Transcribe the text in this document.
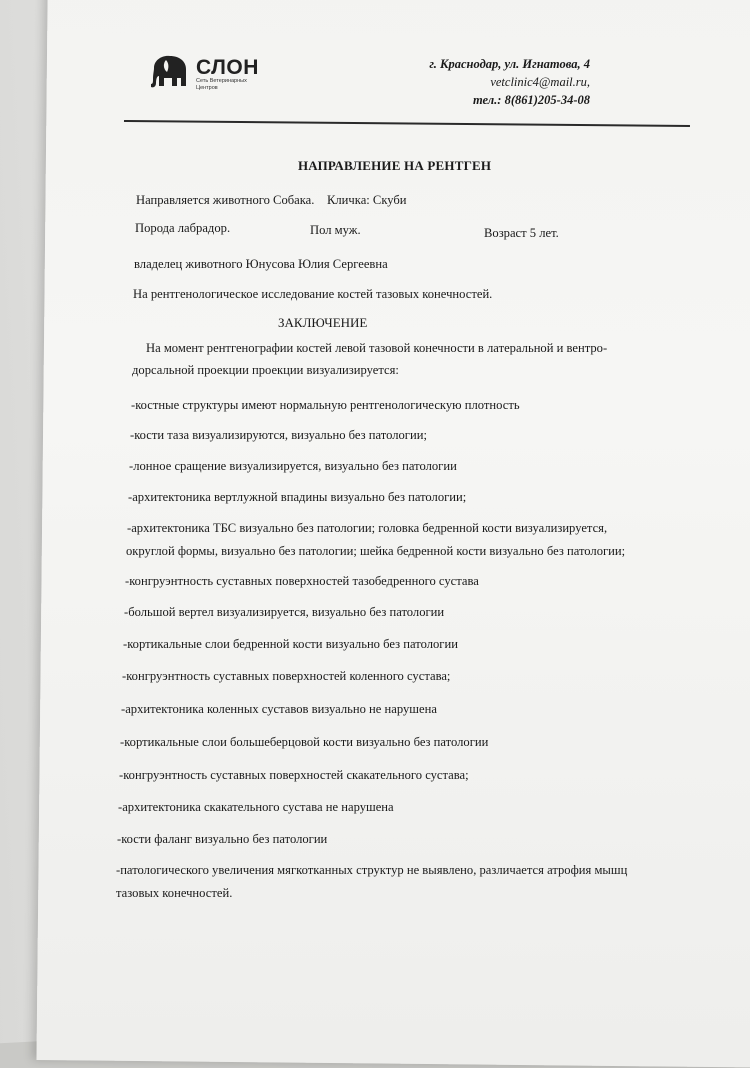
СЛОН
Сеть Ветеринарных Центров
г. Краснодар, ул. Игнатова, 4
vetclinic4@mail.ru,
тел.: 8(861)205-34-08
НАПРАВЛЕНИЕ НА РЕНТГЕН
Направляется животного Собака.    Кличка: Скуби
Порода лабрадор.	Пол муж.	Возраст 5 лет.
владелец животного Юнусова Юлия Сергеевна
На рентгенологическое исследование костей тазовых конечностей.
ЗАКЛЮЧЕНИЕ
На момент рентгенографии костей левой тазовой конечности в латеральной и вентро-
дорсальной проекции проекции визуализируется:
-костные структуры имеют нормальную рентгенологическую плотность
-кости таза визуализируются, визуально без патологии;
-лонное сращение визуализируется, визуально без патологии
-архитектоника вертлужной впадины визуально без патологии;
-архитектоника ТБС визуально без патологии; головка бедренной кости визуализируется,
округлой формы, визуально без патологии; шейка бедренной кости визуально без патологии;
-конгруэнтность суставных поверхностей тазобедренного сустава
-большой вертел визуализируется, визуально без патологии
-кортикальные слои бедренной кости визуально без патологии
-конгруэнтность суставных поверхностей коленного сустава;
-архитектоника коленных суставов визуально не нарушена
-кортикальные слои большеберцовой кости визуально без патологии
-конгруэнтность суставных поверхностей скакательного сустава;
-архитектоника скакательного сустава не нарушена
-кости фаланг визуально без патологии
-патологического увеличения мягкотканных структур не выявлено, различается атрофия мышц
тазовых конечностей.
